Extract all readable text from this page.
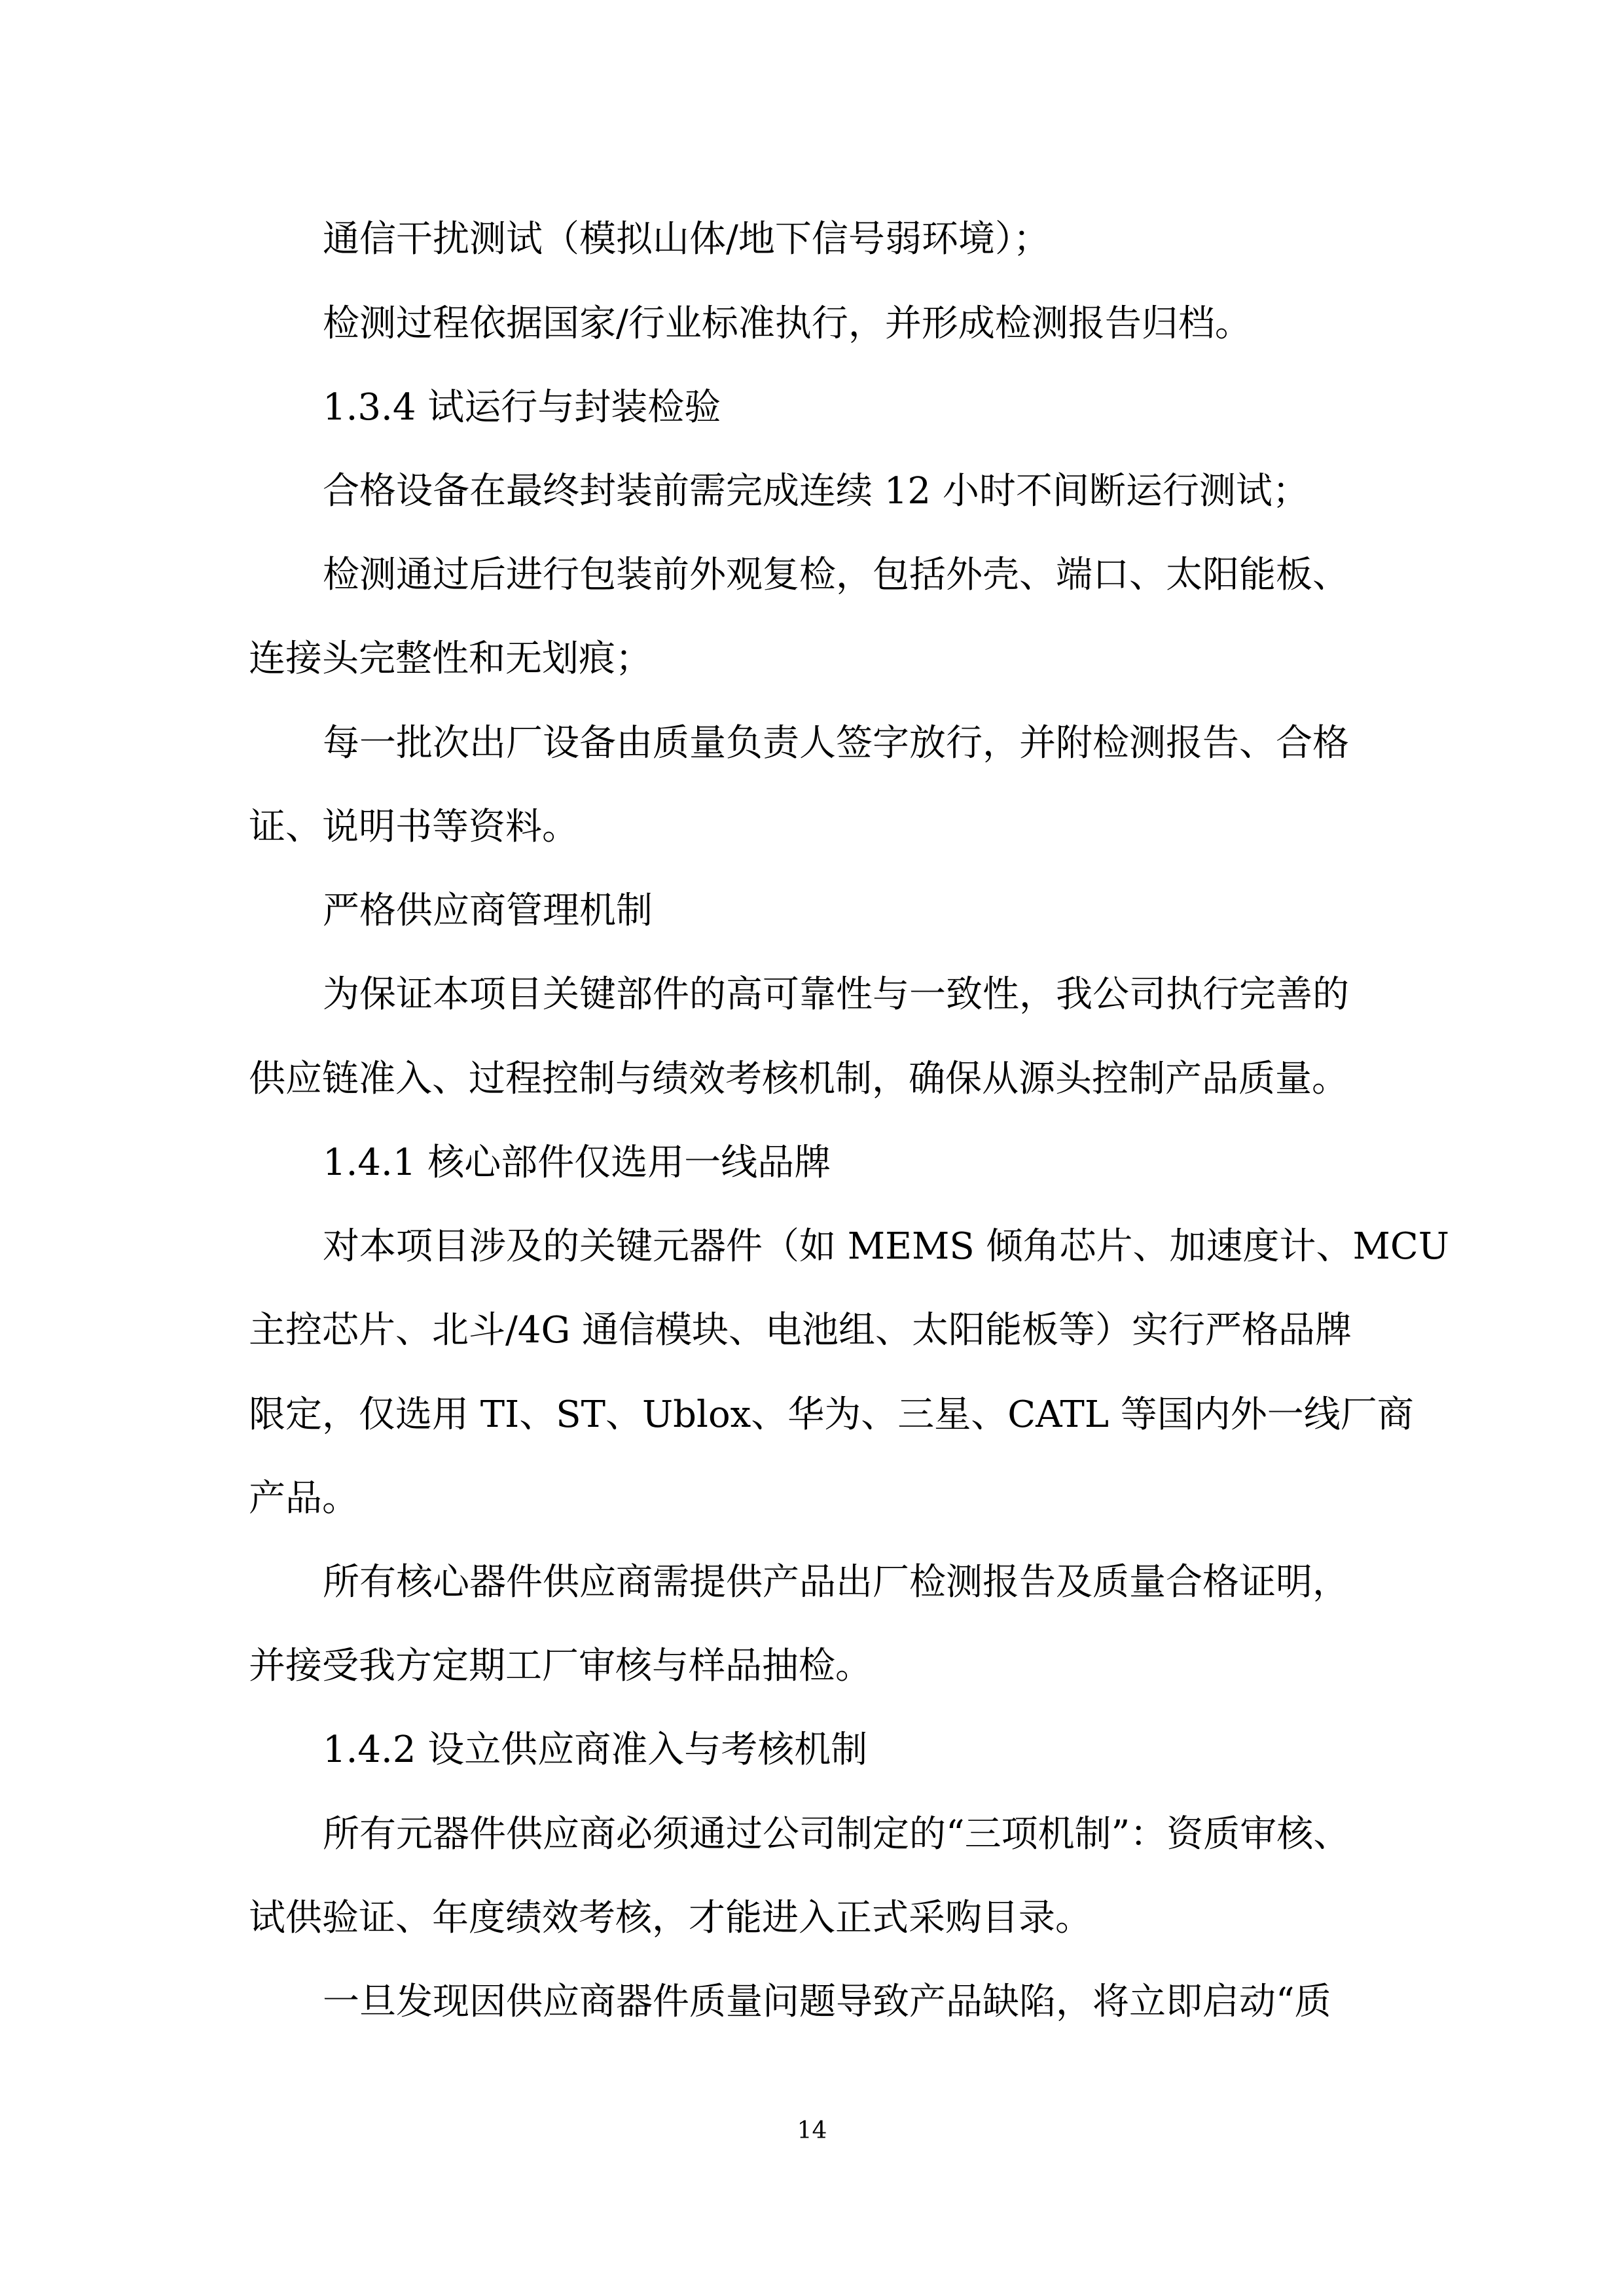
通信干扰测试（模拟山体/地下信号弱环境）；
检测过程依据国家/行业标准执行，并形成检测报告归档。
1.3.4 试运行与封装检验
合格设备在最终封装前需完成连续 12 小时不间断运行测试；
检测通过后进行包装前外观复检，包括外壳、端口、太阳能板、
连接头完整性和无划痕；
每一批次出厂设备由质量负责人签字放行，并附检测报告、合格
证、说明书等资料。
严格供应商管理机制
为保证本项目关键部件的高可靠性与一致性，我公司执行完善的
供应链准入、过程控制与绩效考核机制，确保从源头控制产品质量。
1.4.1 核心部件仅选用一线品牌
对本项目涉及的关键元器件（如 MEMS 倾角芯片、加速度计、MCU
主控芯片、北斗/4G 通信模块、电池组、太阳能板等）实行严格品牌
限定，仅选用 TI、ST、Ublox、华为、三星、CATL 等国内外一线厂商
产品。
所有核心器件供应商需提供产品出厂检测报告及质量合格证明，
并接受我方定期工厂审核与样品抽检。
1.4.2 设立供应商准入与考核机制
所有元器件供应商必须通过公司制定的“三项机制”：资质审核、
试供验证、年度绩效考核，才能进入正式采购目录。
一旦发现因供应商器件质量问题导致产品缺陷，将立即启动“质
14
